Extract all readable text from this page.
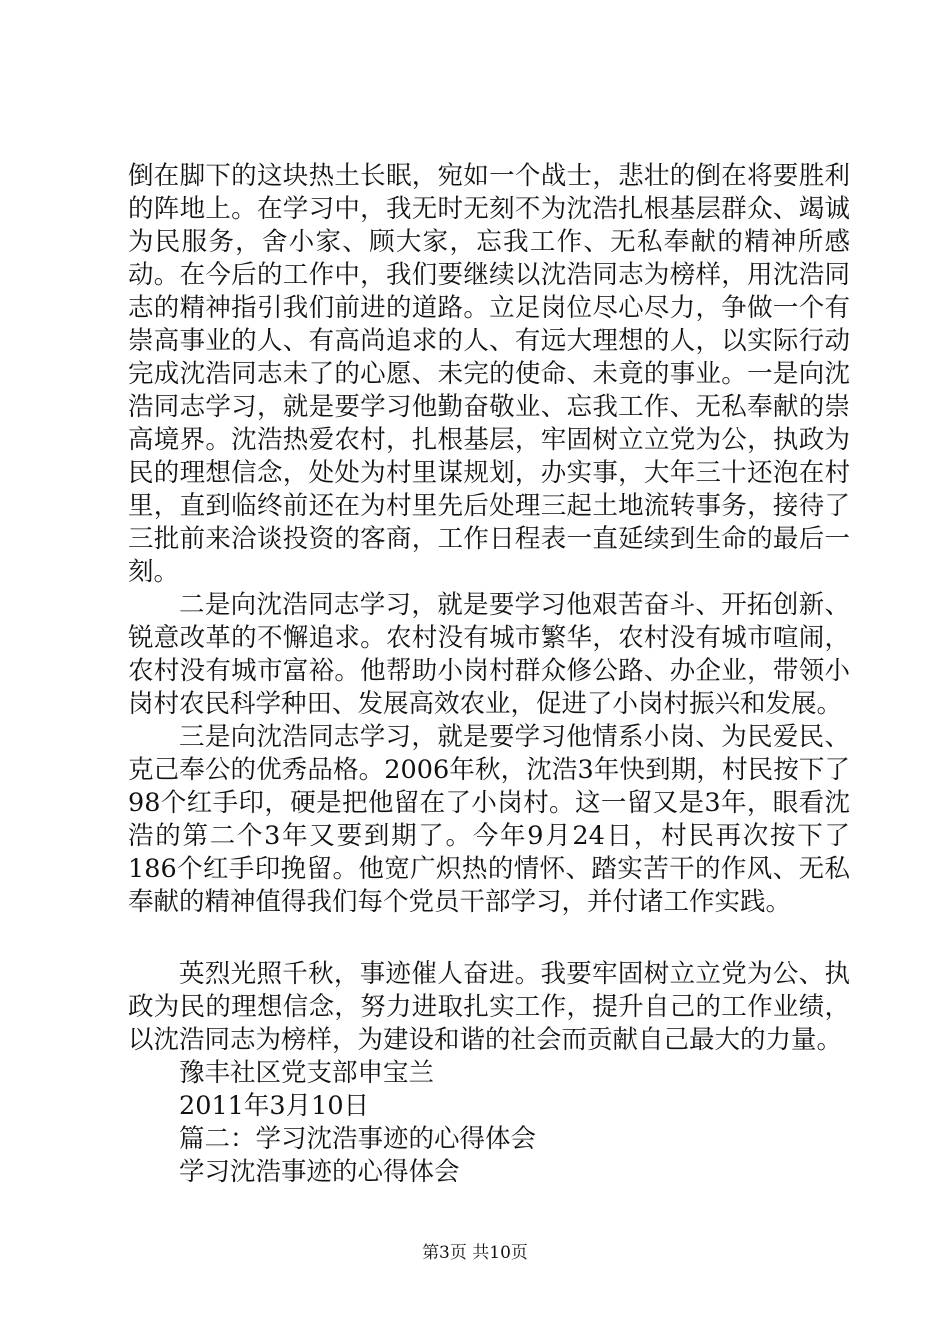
倒在脚下的这块热土长眠，宛如一个战士，悲壮的倒在将要胜利的阵地上。在学习中，我无时无刻不为沈浩扎根基层群众、竭诚为民服务，舍小家、顾大家，忘我工作、无私奉献的精神所感动。在今后的工作中，我们要继续以沈浩同志为榜样，用沈浩同志的精神指引我们前进的道路。立足岗位尽心尽力，争做一个有崇高事业的人、有高尚追求的人、有远大理想的人，以实际行动完成沈浩同志未了的心愿、未完的使命、未竟的事业。一是向沈浩同志学习，就是要学习他勤奋敬业、忘我工作、无私奉献的崇高境界。沈浩热爱农村，扎根基层，牢固树立立党为公，执政为民的理想信念，处处为村里谋规划，办实事，大年三十还泡在村里，直到临终前还在为村里先后处理三起土地流转事务，接待了三批前来洽谈投资的客商，工作日程表一直延续到生命的最后一刻。

二是向沈浩同志学习，就是要学习他艰苦奋斗、开拓创新、锐意改革的不懈追求。农村没有城市繁华，农村没有城市喧闹，农村没有城市富裕。他帮助小岗村群众修公路、办企业，带领小岗村农民科学种田、发展高效农业，促进了小岗村振兴和发展。

三是向沈浩同志学习，就是要学习他情系小岗、为民爱民、克己奉公的优秀品格。2006年秋，沈浩3年快到期，村民按下了98个红手印，硬是把他留在了小岗村。这一留又是3年，眼看沈浩的第二个3年又要到期了。今年9月24日，村民再次按下了186个红手印挽留。他宽广炽热的情怀、踏实苦干的作风、无私奉献的精神值得我们每个党员干部学习，并付诸工作实践。

英烈光照千秋，事迹催人奋进。我要牢固树立立党为公、执政为民的理想信念，努力进取扎实工作，提升自己的工作业绩，以沈浩同志为榜样，为建设和谐的社会而贡献自己最大的力量。

豫丰社区党支部申宝兰

2011年3月10日

篇二：学习沈浩事迹的心得体会

学习沈浩事迹的心得体会

第3页 共10页
